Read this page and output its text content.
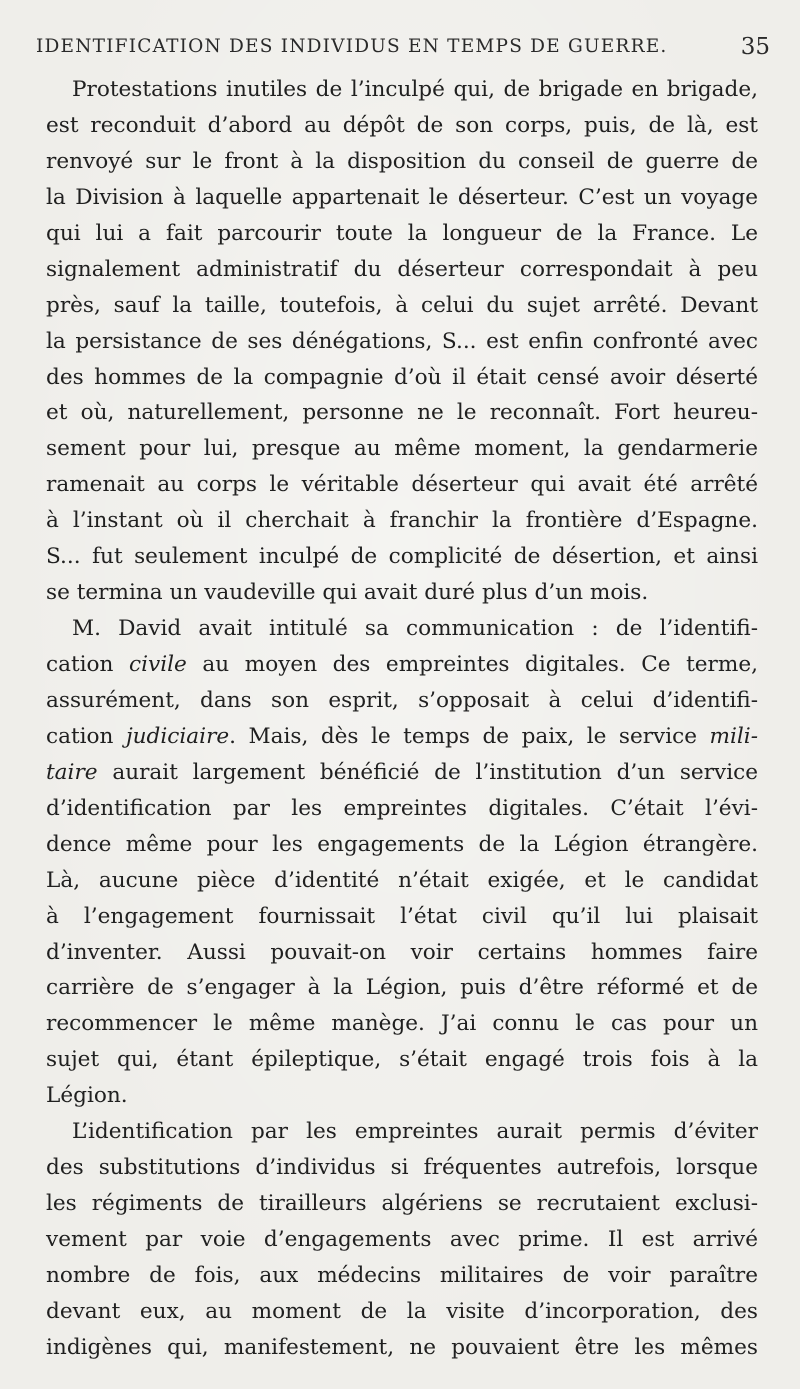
IDENTIFICATION DES INDIVIDUS EN TEMPS DE GUERRE.	35
Protestations inutiles de l’inculpé qui, de brigade en brigade,
est reconduit d’abord au dépôt de son corps, puis, de là, est
renvoyé sur le front à la disposition du conseil de guerre de
la Division à laquelle appartenait le déserteur. C’est un voyage
qui lui a fait parcourir toute la longueur de la France. Le
signalement administratif du déserteur correspondait à peu
près, sauf la taille, toutefois, à celui du sujet arrêté. Devant
la persistance de ses dénégations, S... est enfin confronté avec
des hommes de la compagnie d’où il était censé avoir déserté
et où, naturellement, personne ne le reconnaît. Fort heureu-
sement pour lui, presque au même moment, la gendarmerie
ramenait au corps le véritable déserteur qui avait été arrêté
à l’instant où il cherchait à franchir la frontière d’Espagne.
S... fut seulement inculpé de complicité de désertion, et ainsi
se termina un vaudeville qui avait duré plus d’un mois.
M. David avait intitulé sa communication : de l’identifi-
cation civile au moyen des empreintes digitales. Ce terme,
assurément, dans son esprit, s’opposait à celui d’identifi-
cation judiciaire. Mais, dès le temps de paix, le service mili-
taire aurait largement bénéficié de l’institution d’un service
d’identification par les empreintes digitales. C’était l’évi-
dence même pour les engagements de la Légion étrangère.
Là, aucune pièce d’identité n’était exigée, et le candidat
à l’engagement fournissait l’état civil qu’il lui plaisait
d’inventer. Aussi pouvait-on voir certains hommes faire
carrière de s’engager à la Légion, puis d’être réformé et de
recommencer le même manège. J’ai connu le cas pour un
sujet qui, étant épileptique, s’était engagé trois fois à la
Légion.
L’identification par les empreintes aurait permis d’éviter
des substitutions d’individus si fréquentes autrefois, lorsque
les régiments de tirailleurs algériens se recrutaient exclusi-
vement par voie d’engagements avec prime. Il est arrivé
nombre de fois, aux médecins militaires de voir paraître
devant eux, au moment de la visite d’incorporation, des
indigènes qui, manifestement, ne pouvaient être les mêmes
